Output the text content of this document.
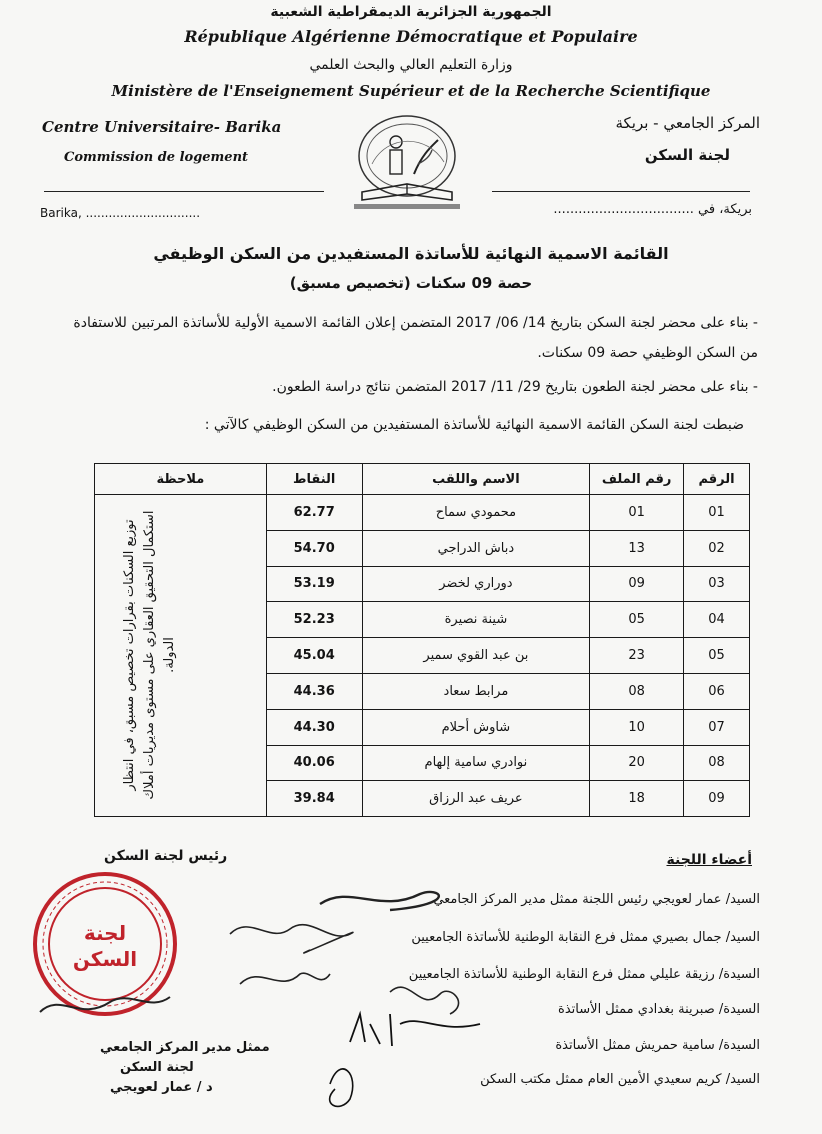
الجمهورية الجزائرية الديمقراطية الشعبية
République Algérienne Démocratique et Populaire
وزارة التعليم العالي والبحث العلمي
Ministère de l'Enseignement Supérieur et de la Recherche Scientifique
Centre Universitaire- Barika
Commission de logement
المركز الجامعي - بريكة
لجنة السكن
Barika, ..............................	بريكة، في ..................................
القائمة الاسمية النهائية للأساتذة المستفيدين من السكن الوظيفي
حصة 09 سكنات (تخصيص مسبق)
- بناء على محضر لجنة السكن بتاريخ 14/ 06/ 2017 المتضمن إعلان القائمة الاسمية الأولية للأساتذة المرتبين للاستفادة من السكن الوظيفي حصة 09 سكنات.
- بناء على محضر لجنة الطعون بتاريخ 29/ 11/ 2017 المتضمن نتائج دراسة الطعون.
ضبطت لجنة السكن القائمة الاسمية النهائية للأساتذة المستفيدين من السكن الوظيفي كالآتي :
الرقم	رقم الملف	الاسم واللقب	النقاط	ملاحظة
01	01	محمودي سماح	62.77	توزيع السكنات بقرارات تخصيص مسبق، في انتظار استكمال التحقيق العقاري على مستوى مديريات أملاك الدولة.

02	13	دباش الدراجي	54.70	
03	09	دوراري لخضر	53.19	
04	05	شينة نصيرة	52.23	
05	23	بن عبد القوي سمير	45.04	
06	08	مرابط سعاد	44.36	
07	10	شاوش أحلام	44.30	
08	20	نوادري سامية إلهام	40.06	
09	18	عريف عبد الرزاق	39.84	
أعضاء اللجنة
السيد/ عمار لعويجي رئيس اللجنة ممثل مدير المركز الجامعي
السيد/ جمال بصيري ممثل فرع النقابة الوطنية للأساتذة الجامعيين
السيدة/ رزيقة عليلي ممثل فرع النقابة الوطنية للأساتذة الجامعيين
السيدة/ صبرينة بغدادي ممثل الأساتذة
السيدة/ سامية حمريش ممثل الأساتذة
السيد/ كريم سعيدي الأمين العام ممثل مكتب السكن
رئيس لجنة السكن
لجنة
السكن
ممثل مدير المركز الجامعي
لجنة السكن
د / عمار لعويجي
